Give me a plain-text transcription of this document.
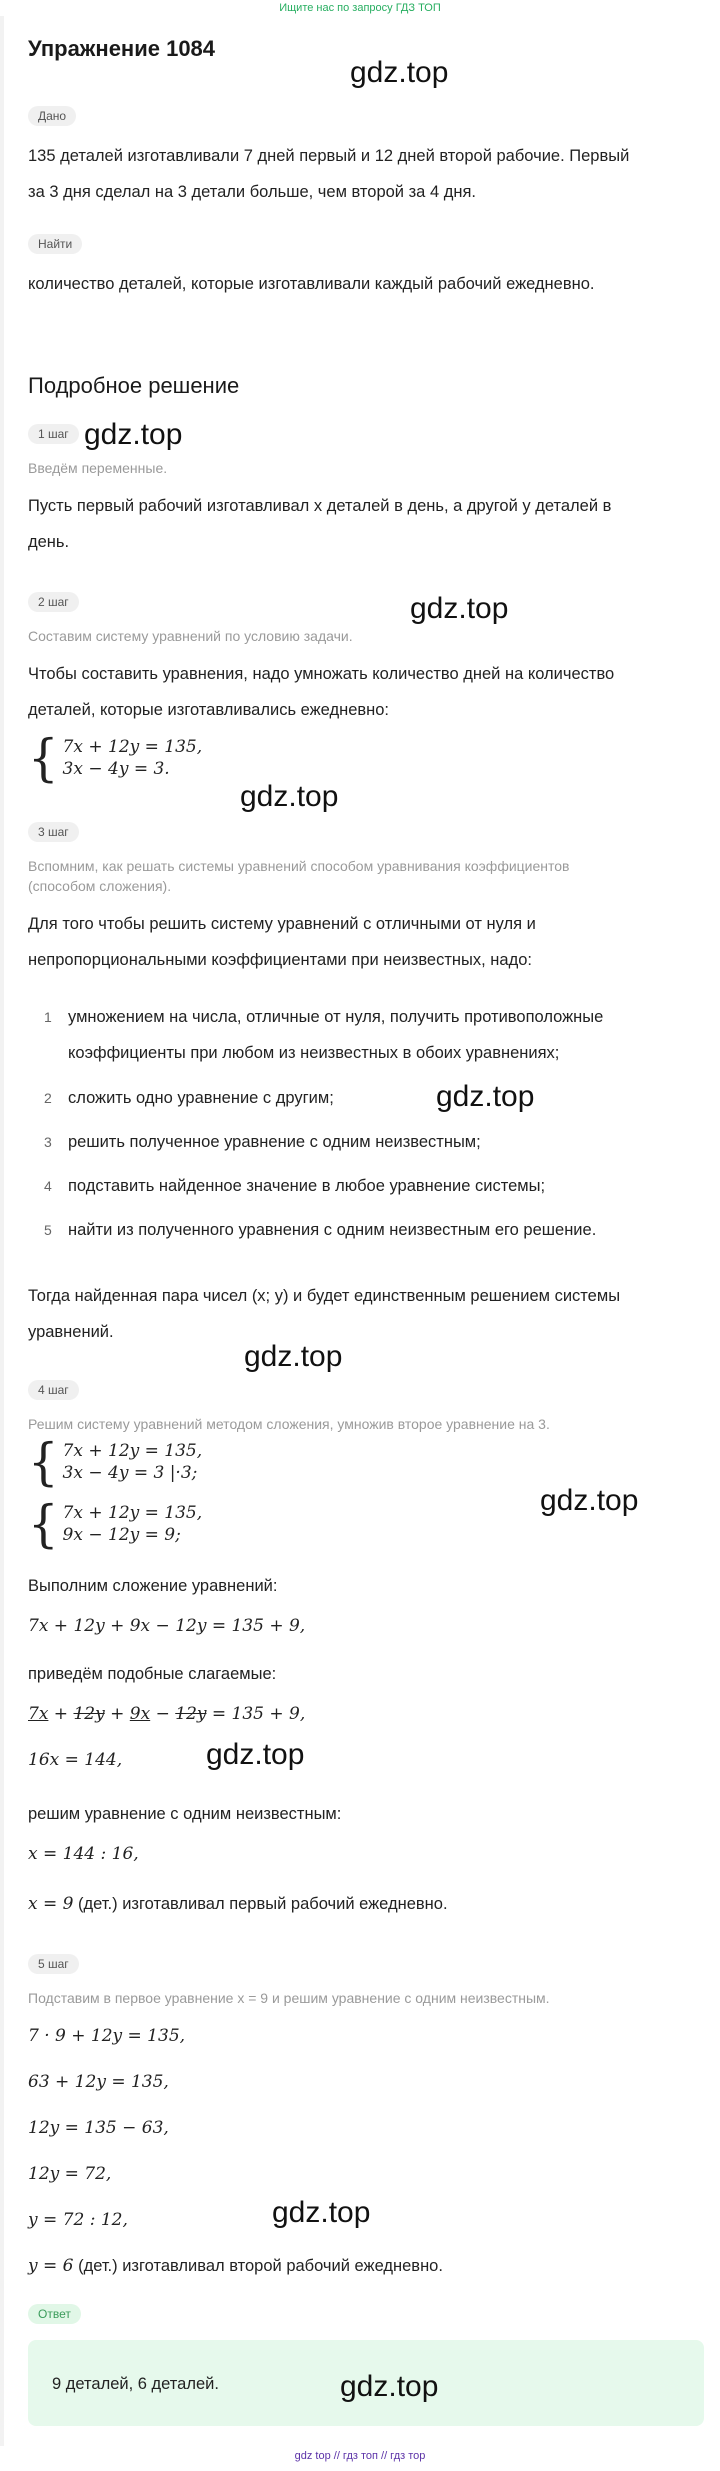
Ищите нас по запросу ГДЗ ТОП
Упражнение 1084
gdz.top
Дано
135 деталей изготавливали 7 дней первый и 12 дней второй рабочие. Первый
за 3 дня сделал на 3 детали больше, чем второй за 4 дня.
Найти
количество деталей, которые изготавливали каждый рабочий ежедневно.
Подробное решение
1 шаг gdz.top
Введём переменные.
Пусть первый рабочий изготавливал x деталей в день, а другой y деталей в
день.
2 шаг	gdz.top
Составим систему уравнений по условию задачи.
Чтобы составить уравнения, надо умножать количество дней на количество
деталей, которые изготавливались ежедневно:
{ 7x + 12y = 135,
3x − 4y = 3.
gdz.top
3 шаг
Вспомним, как решать системы уравнений способом уравнивания коэффициентов
(способом сложения).
Для того чтобы решить систему уравнений с отличными от нуля и
непропорциональными коэффициентами при неизвестных, надо:
1 умножением на числа, отличные от нуля, получить противоположные
коэффициенты при любом из неизвестных в обоих уравнениях;
2 сложить одно уравнение с другим;	gdz.top
3 решить полученное уравнение с одним неизвестным;
4 подставить найденное значение в любое уравнение системы;
5 найти из полученного уравнения с одним неизвестным его решение.
Тогда найденная пара чисел (x; y) и будет единственным решением системы
уравнений.
gdz.top
4 шаг
Решим систему уравнений методом сложения, умножив второе уравнение на 3.
{ 7x + 12y = 135,
3x − 4y = 3 |·3;
gdz.top
{ 7x + 12y = 135,
9x − 12y = 9;
Выполним сложение уравнений:
7x + 12y + 9x − 12y = 135 + 9,
приведём подобные слагаемые:
7x + 12y + 9x − 12y = 135 + 9,
16x = 144,	gdz.top
решим уравнение с одним неизвестным:
x = 144 : 16,
x = 9 (дет.) изготавливал первый рабочий ежедневно.
5 шаг
Подставим в первое уравнение x = 9 и решим уравнение с одним неизвестным.
7 · 9 + 12y = 135,
63 + 12y = 135,
12y = 135 − 63,
12y = 72,
y = 72 : 12,	gdz.top
y = 6 (дет.) изготавливал второй рабочий ежедневно.
Ответ
9 деталей, 6 деталей.	gdz.top
gdz top // гдз топ // гдз тор
